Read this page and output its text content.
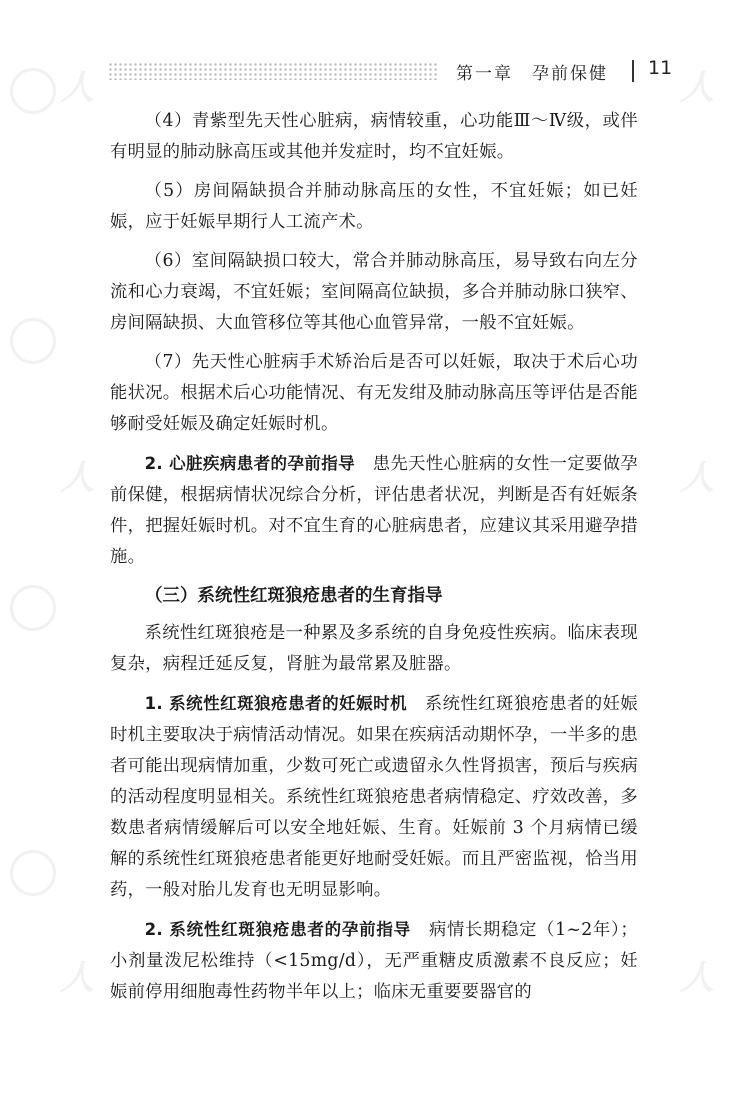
人	人
人	人
人	人
第一章　孕前保健 11

（4）青紫型先天性心脏病，病情较重，心功能Ⅲ～Ⅳ级，或伴有明显的肺动脉高压或其他并发症时，均不宜妊娠。

（5）房间隔缺损合并肺动脉高压的女性，不宜妊娠；如已妊娠，应于妊娠早期行人工流产术。

（6）室间隔缺损口较大，常合并肺动脉高压，易导致右向左分流和心力衰竭，不宜妊娠；室间隔高位缺损，多合并肺动脉口狭窄、房间隔缺损、大血管移位等其他心血管异常，一般不宜妊娠。

（7）先天性心脏病手术矫治后是否可以妊娠，取决于术后心功能状况。根据术后心功能情况、有无发绀及肺动脉高压等评估是否能够耐受妊娠及确定妊娠时机。

2. 心脏疾病患者的孕前指导　患先天性心脏病的女性一定要做孕前保健，根据病情状况综合分析，评估患者状况，判断是否有妊娠条件，把握妊娠时机。对不宜生育的心脏病患者，应建议其采用避孕措施。

（三）系统性红斑狼疮患者的生育指导

系统性红斑狼疮是一种累及多系统的自身免疫性疾病。临床表现复杂，病程迁延反复，肾脏为最常累及脏器。

1. 系统性红斑狼疮患者的妊娠时机　系统性红斑狼疮患者的妊娠时机主要取决于病情活动情况。如果在疾病活动期怀孕，一半多的患者可能出现病情加重，少数可死亡或遗留永久性肾损害，预后与疾病的活动程度明显相关。系统性红斑狼疮患者病情稳定、疗效改善，多数患者病情缓解后可以安全地妊娠、生育。妊娠前 3 个月病情已缓解的系统性红斑狼疮患者能更好地耐受妊娠。而且严密监视，恰当用药，一般对胎儿发育也无明显影响。

2. 系统性红斑狼疮患者的孕前指导　病情长期稳定（1~2年）；小剂量泼尼松维持（<15mg/d），无严重糖皮质激素不良反应；妊娠前停用细胞毒性药物半年以上；临床无重要要器官的
